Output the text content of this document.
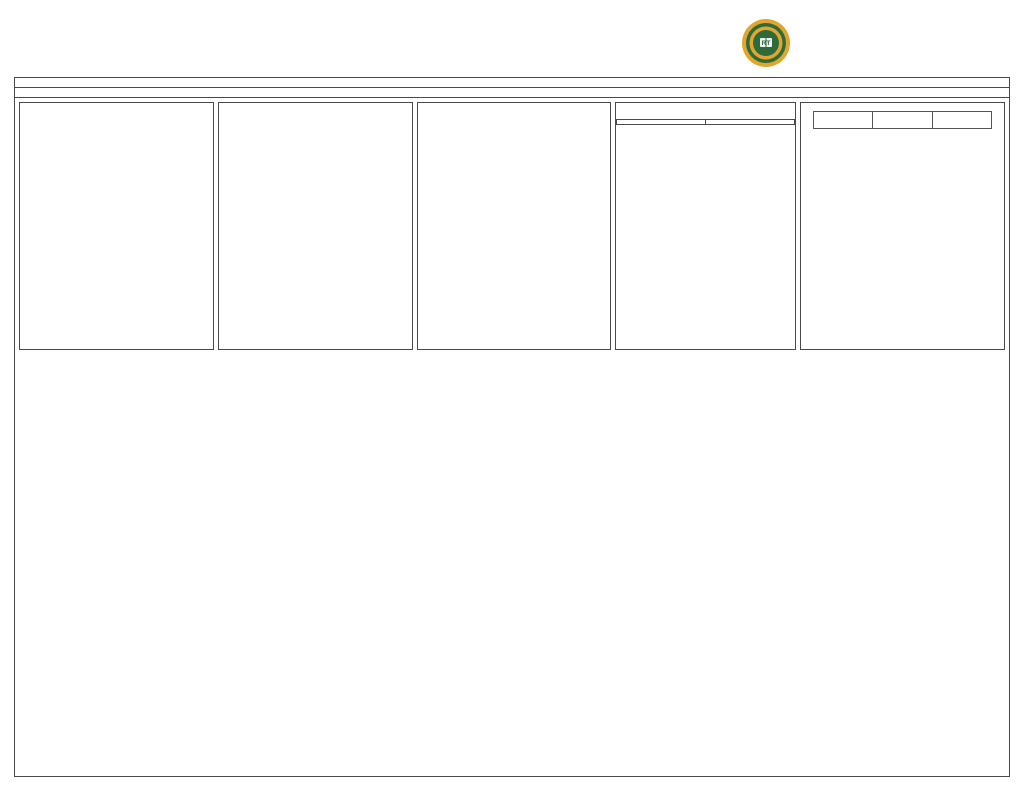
RT
